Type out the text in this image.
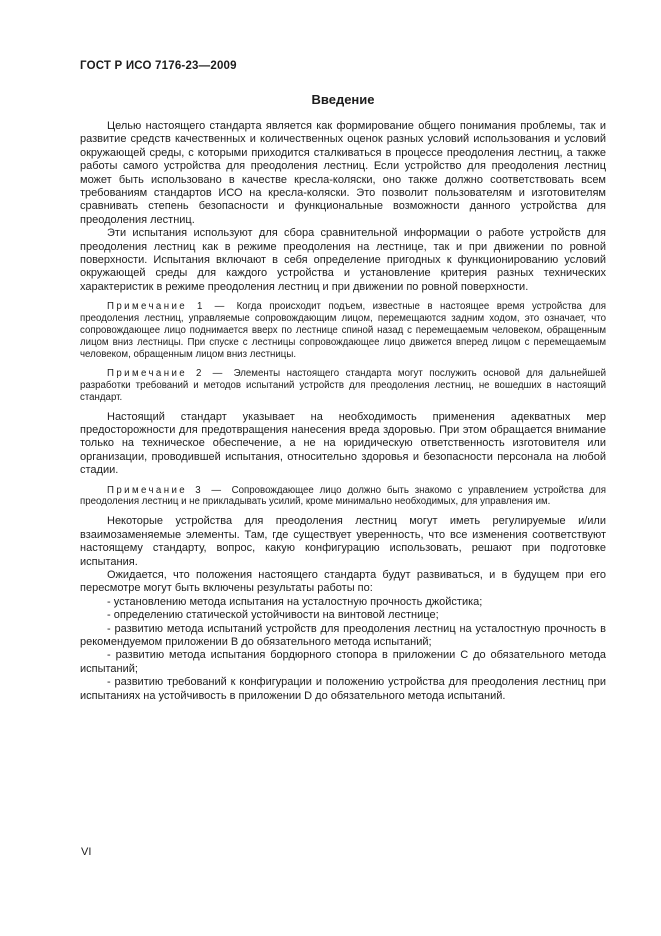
ГОСТ Р ИСО 7176-23—2009
Введение

Целью настоящего стандарта является как формирование общего понимания проблемы, так и развитие средств качественных и количественных оценок разных условий использования и условий окружающей среды, с которыми приходится сталкиваться в процессе преодоления лестниц, а также работы самого устройства для преодоления лестниц. Если устройство для преодоления лестниц может быть использовано в качестве кресла-коляски, оно также должно соответствовать всем требованиям стандартов ИСО на кресла-коляски. Это позволит пользователям и изготовителям сравнивать степень безопасности и функциональные возможности данного устройства для преодоления лестниц.

Эти испытания используют для сбора сравнительной информации о работе устройств для преодоления лестниц как в режиме преодоления на лестнице, так и при движении по ровной поверхности. Испытания включают в себя определение пригодных к функционированию условий окружающей среды для каждого устройства и установление критерия разных технических характеристик в режиме преодоления лестниц и при движении по ровной поверхности.

Примечание 1 — Когда происходит подъем, известные в настоящее время устройства для преодоления лестниц, управляемые сопровождающим лицом, перемещаются задним ходом, это означает, что сопровождающее лицо поднимается вверх по лестнице спиной назад с перемещаемым человеком, обращенным лицом вниз лестницы. При спуске с лестницы сопровождающее лицо движется вперед лицом с перемещаемым человеком, обращенным лицом вниз лестницы.

Примечание 2 — Элементы настоящего стандарта могут послужить основой для дальнейшей разработки требований и методов испытаний устройств для преодоления лестниц, не вошедших в настоящий стандарт.

Настоящий стандарт указывает на необходимость применения адекватных мер предосторожности для предотвращения нанесения вреда здоровью. При этом обращается внимание только на техническое обеспечение, а не на юридическую ответственность изготовителя или организации, проводившей испытания, относительно здоровья и безопасности персонала на любой стадии.

Примечание 3 — Сопровождающее лицо должно быть знакомо с управлением устройства для преодоления лестниц и не прикладывать усилий, кроме минимально необходимых, для управления им.

Некоторые устройства для преодоления лестниц могут иметь регулируемые и/или взаимозаменяемые элементы. Там, где существует уверенность, что все изменения соответствуют настоящему стандарту, вопрос, какую конфигурацию использовать, решают при подготовке испытания.

Ожидается, что положения настоящего стандарта будут развиваться, и в будущем при его пересмотре могут быть включены результаты работы по:

- установлению метода испытания на усталостную прочность джойстика;

- определению статической устойчивости на винтовой лестнице;

- развитию метода испытаний устройств для преодоления лестниц на усталостную прочность в рекомендуемом приложении В до обязательного метода испытаний;

- развитию метода испытания бордюрного стопора в приложении С до обязательного метода испытаний;

- развитию требований к конфигурации и положению устройства для преодоления лестниц при испытаниях на устойчивость в приложении D до обязательного метода испытаний.

VI
